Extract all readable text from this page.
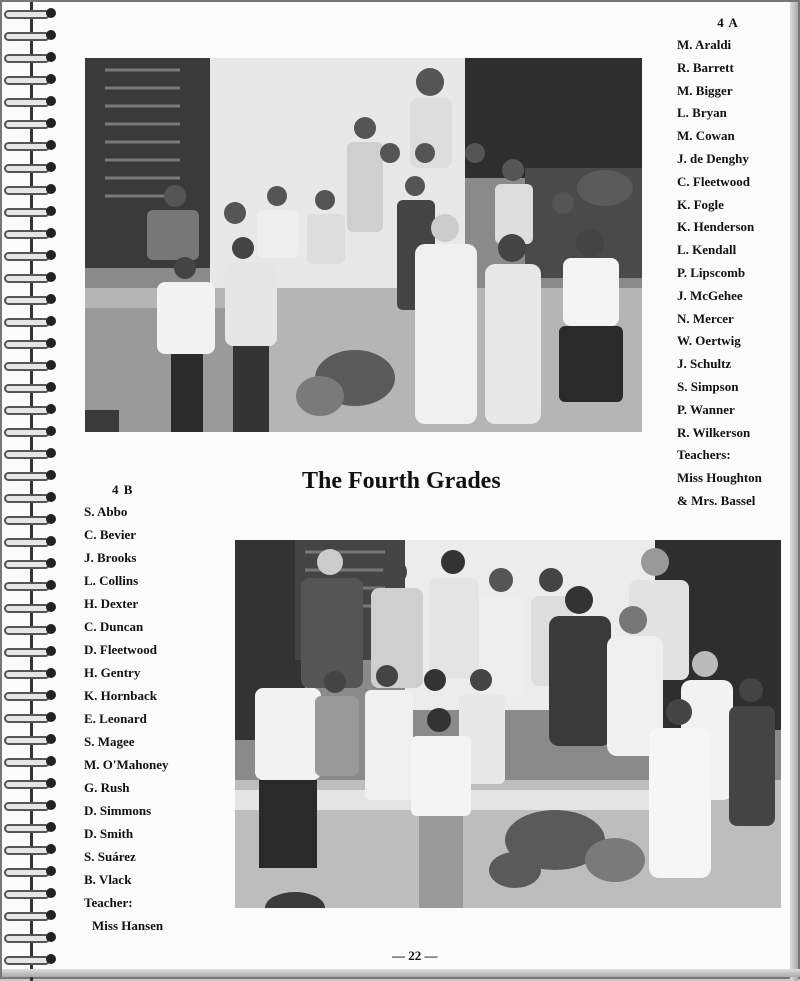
4 A
M. Araldi
R. Barrett
M. Bigger
L. Bryan
M. Cowan
J. de Denghy
C. Fleetwood
K. Fogle
K. Henderson
L. Kendall
P. Lipscomb
J. McGehee
N. Mercer
W. Oertwig
J. Schultz
S. Simpson
P. Wanner
R. Wilkerson
Teachers:
Miss Houghton
& Mrs. Bassel
The Fourth Grades
4 B
S. Abbo
C. Bevier
J. Brooks
L. Collins
H. Dexter
C. Duncan
D. Fleetwood
H. Gentry
K. Hornback
E. Leonard
S. Magee
M. O'Mahoney
G. Rush
D. Simmons
D. Smith
S. Suárez
B. Vlack
Teacher:
Miss Hansen
— 22 —
